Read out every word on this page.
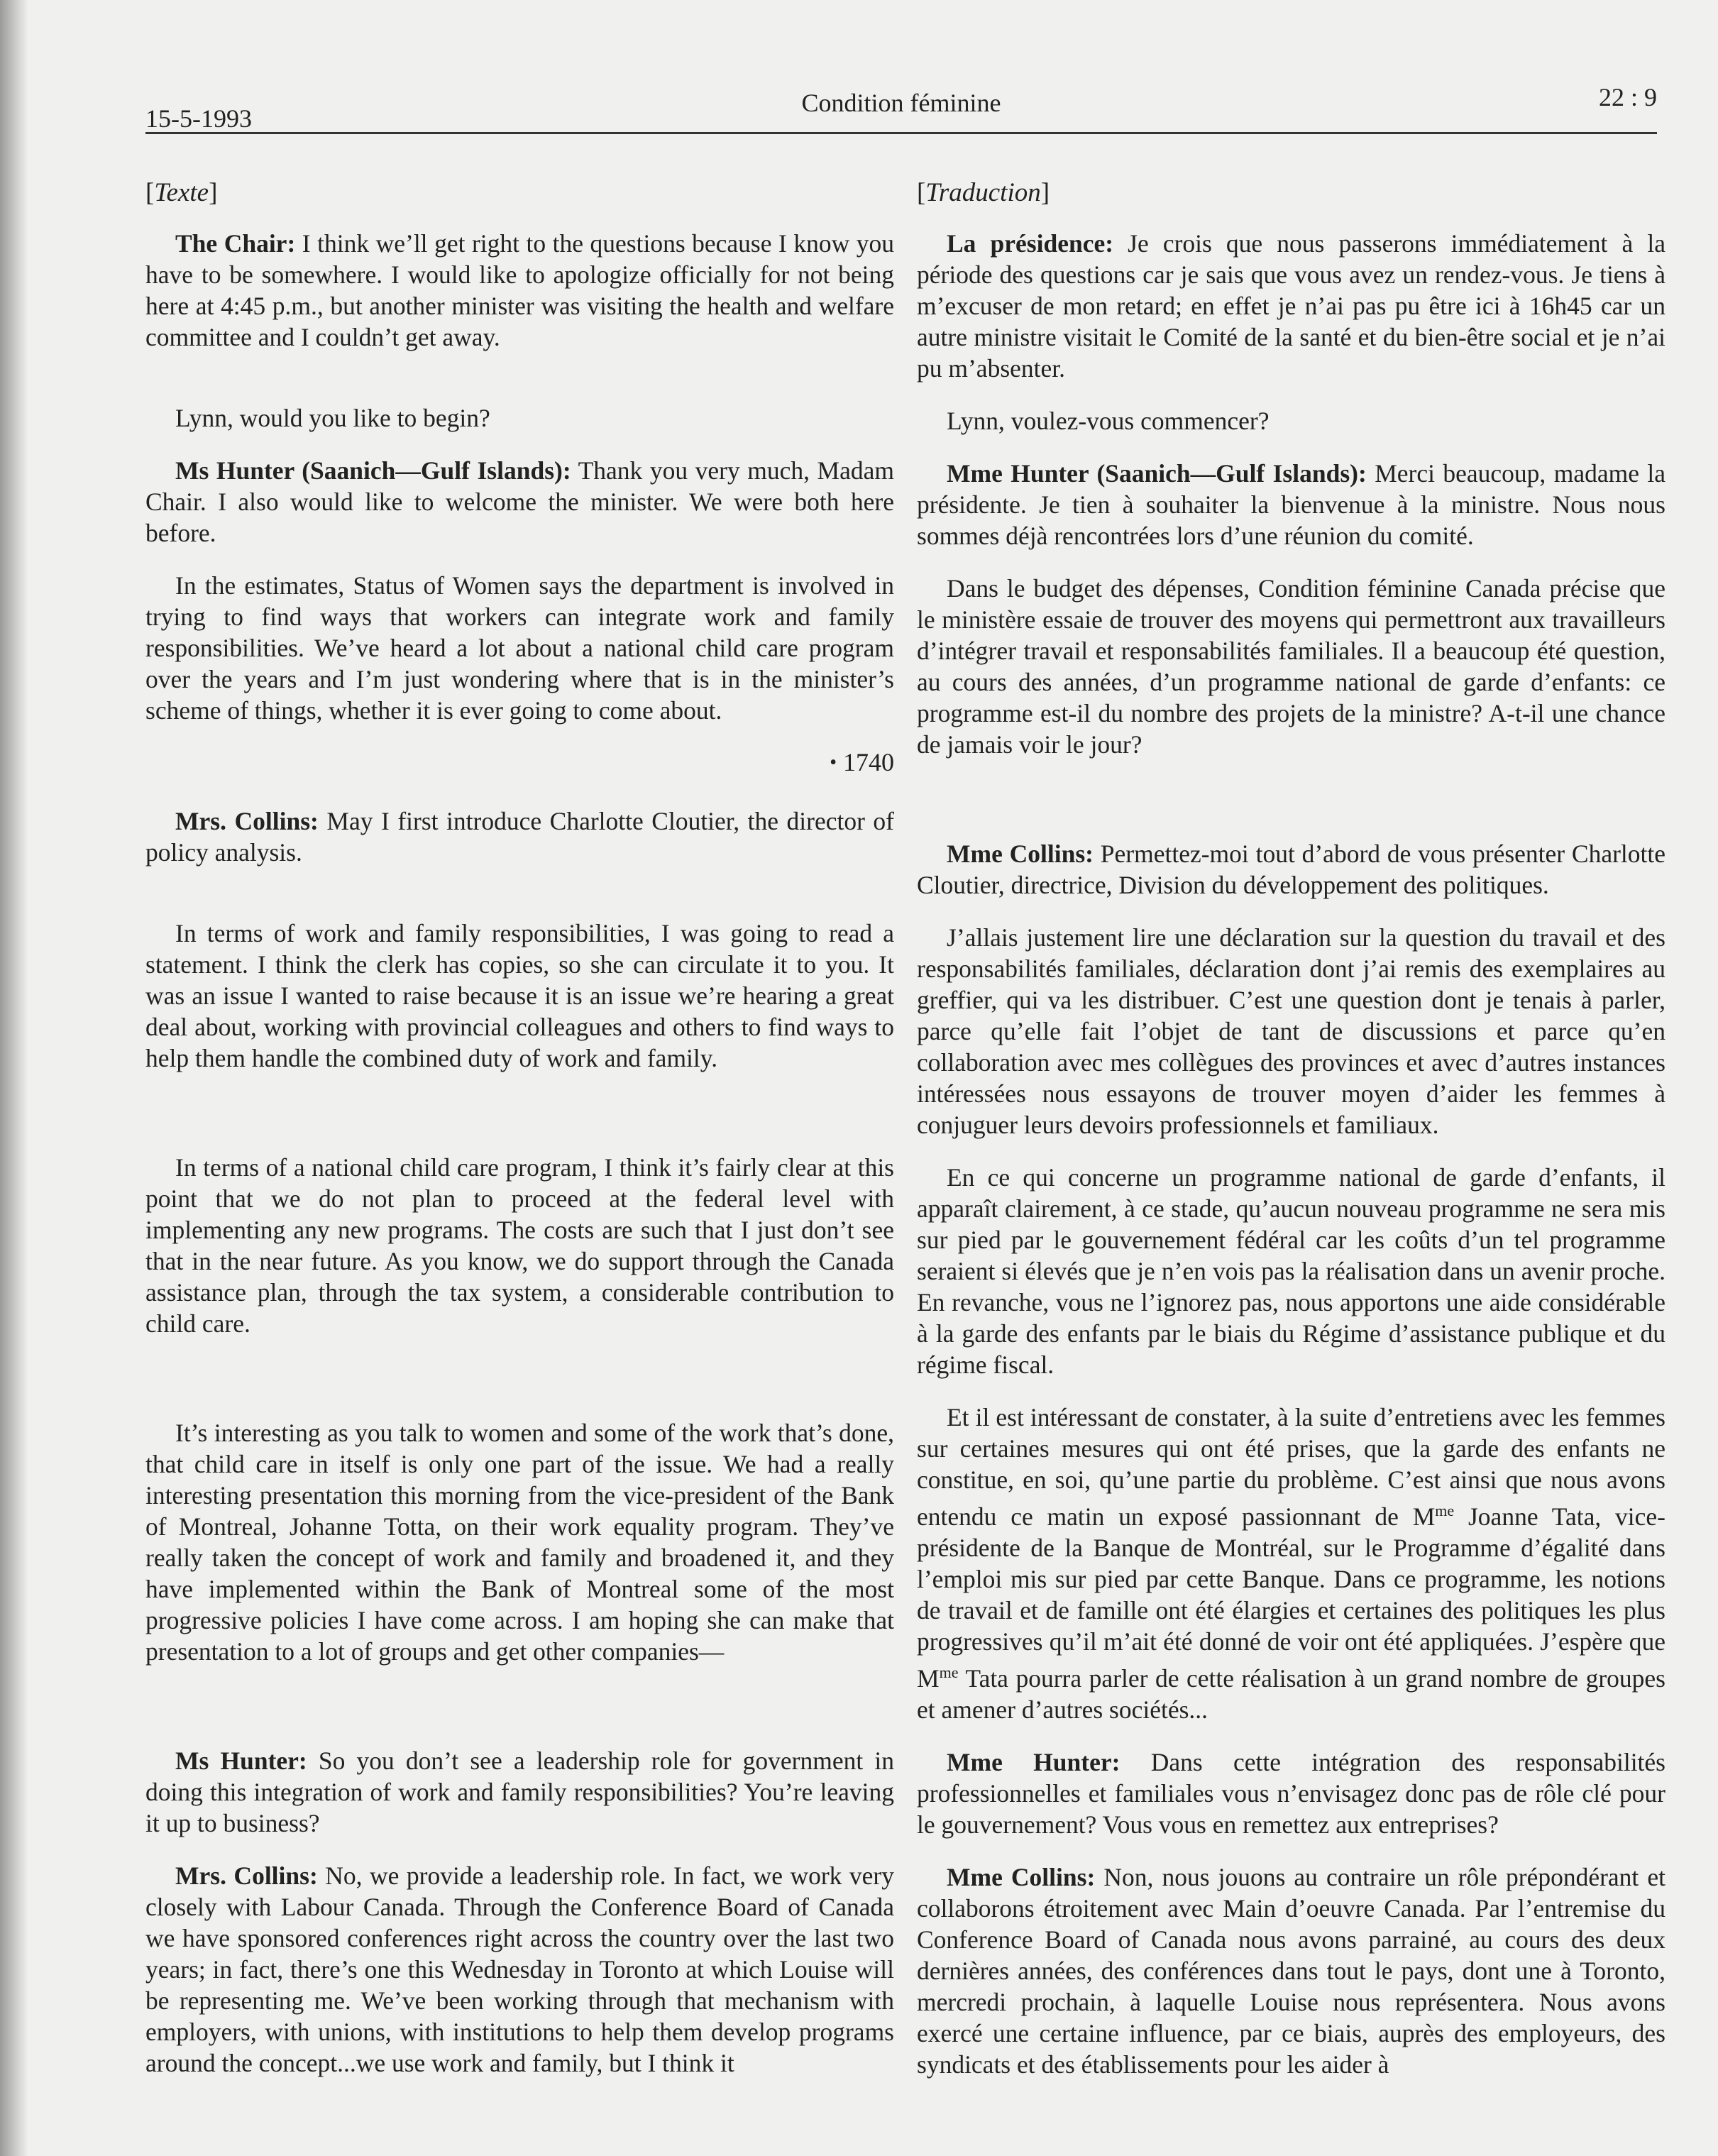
15-5-1993
Condition féminine	22 : 9
[Texte]

The Chair: I think we’ll get right to the questions because I know you have to be somewhere. I would like to apologize officially for not being here at 4:45 p.m., but another minister was visiting the health and welfare committee and I couldn’t get away.

Lynn, would you like to begin?

Ms Hunter (Saanich—Gulf Islands): Thank you very much, Madam Chair. I also would like to welcome the minister. We were both here before.

In the estimates, Status of Women says the department is involved in trying to find ways that workers can integrate work and family responsibilities. We’ve heard a lot about a national child care program over the years and I’m just wondering where that is in the minister’s scheme of things, whether it is ever going to come about.

• 1740

Mrs. Collins: May I first introduce Charlotte Cloutier, the director of policy analysis.

In terms of work and family responsibilities, I was going to read a statement. I think the clerk has copies, so she can circulate it to you. It was an issue I wanted to raise because it is an issue we’re hearing a great deal about, working with provincial colleagues and others to find ways to help them handle the combined duty of work and family.

In terms of a national child care program, I think it’s fairly clear at this point that we do not plan to proceed at the federal level with implementing any new programs. The costs are such that I just don’t see that in the near future. As you know, we do support through the Canada assistance plan, through the tax system, a considerable contribution to child care.

It’s interesting as you talk to women and some of the work that’s done, that child care in itself is only one part of the issue. We had a really interesting presentation this morning from the vice-president of the Bank of Montreal, Johanne Totta, on their work equality program. They’ve really taken the concept of work and family and broadened it, and they have implemented within the Bank of Montreal some of the most progressive policies I have come across. I am hoping she can make that presentation to a lot of groups and get other companies—

Ms Hunter: So you don’t see a leadership role for government in doing this integration of work and family responsibilities? You’re leaving it up to business?

Mrs. Collins: No, we provide a leadership role. In fact, we work very closely with Labour Canada. Through the Conference Board of Canada we have sponsored conferences right across the country over the last two years; in fact, there’s one this Wednesday in Toronto at which Louise will be representing me. We’ve been working through that mechanism with employers, with unions, with institutions to help them develop programs around the concept...we use work and family, but I think it

[Traduction]

La présidence: Je crois que nous passerons immédiatement à la période des questions car je sais que vous avez un rendez-vous. Je tiens à m’excuser de mon retard; en effet je n’ai pas pu être ici à 16h45 car un autre ministre visitait le Comité de la santé et du bien-être social et je n’ai pu m’absenter.

Lynn, voulez-vous commencer?

Mme Hunter (Saanich—Gulf Islands): Merci beaucoup, madame la présidente. Je tien à souhaiter la bienvenue à la ministre. Nous nous sommes déjà rencontrées lors d’une réunion du comité.

Dans le budget des dépenses, Condition féminine Canada précise que le ministère essaie de trouver des moyens qui permettront aux travailleurs d’intégrer travail et responsabilités familiales. Il a beaucoup été question, au cours des années, d’un programme national de garde d’enfants: ce programme est-il du nombre des projets de la ministre? A-t-il une chance de jamais voir le jour?

Mme Collins: Permettez-moi tout d’abord de vous présenter Charlotte Cloutier, directrice, Division du développement des politiques.

J’allais justement lire une déclaration sur la question du travail et des responsabilités familiales, déclaration dont j’ai remis des exemplaires au greffier, qui va les distribuer. C’est une question dont je tenais à parler, parce qu’elle fait l’objet de tant de discussions et parce qu’en collaboration avec mes collègues des provinces et avec d’autres instances intéressées nous essayons de trouver moyen d’aider les femmes à conjuguer leurs devoirs professionnels et familiaux.

En ce qui concerne un programme national de garde d’enfants, il apparaît clairement, à ce stade, qu’aucun nouveau programme ne sera mis sur pied par le gouvernement fédéral car les coûts d’un tel programme seraient si élevés que je n’en vois pas la réalisation dans un avenir proche. En revanche, vous ne l’ignorez pas, nous apportons une aide considérable à la garde des enfants par le biais du Régime d’assistance publique et du régime fiscal.

Et il est intéressant de constater, à la suite d’entretiens avec les femmes sur certaines mesures qui ont été prises, que la garde des enfants ne constitue, en soi, qu’une partie du problème. C’est ainsi que nous avons entendu ce matin un exposé passionnant de $M^{me}$ Joanne Tata, vice-présidente de la Banque de Montréal, sur le Programme d’égalité dans l’emploi mis sur pied par cette Banque. Dans ce programme, les notions de travail et de famille ont été élargies et certaines des politiques les plus progressives qu’il m’ait été donné de voir ont été appliquées. J’espère que $M^{me}$ Tata pourra parler de cette réalisation à un grand nombre de groupes et amener d’autres sociétés...

Mme Hunter: Dans cette intégration des responsabilités professionnelles et familiales vous n’envisagez donc pas de rôle clé pour le gouvernement? Vous vous en remettez aux entreprises?

Mme Collins: Non, nous jouons au contraire un rôle prépondérant et collaborons étroitement avec Main d’oeuvre Canada. Par l’entremise du Conference Board of Canada nous avons parrainé, au cours des deux dernières années, des conférences dans tout le pays, dont une à Toronto, mercredi prochain, à laquelle Louise nous représentera. Nous avons exercé une certaine influence, par ce biais, auprès des employeurs, des syndicats et des établissements pour les aider à
